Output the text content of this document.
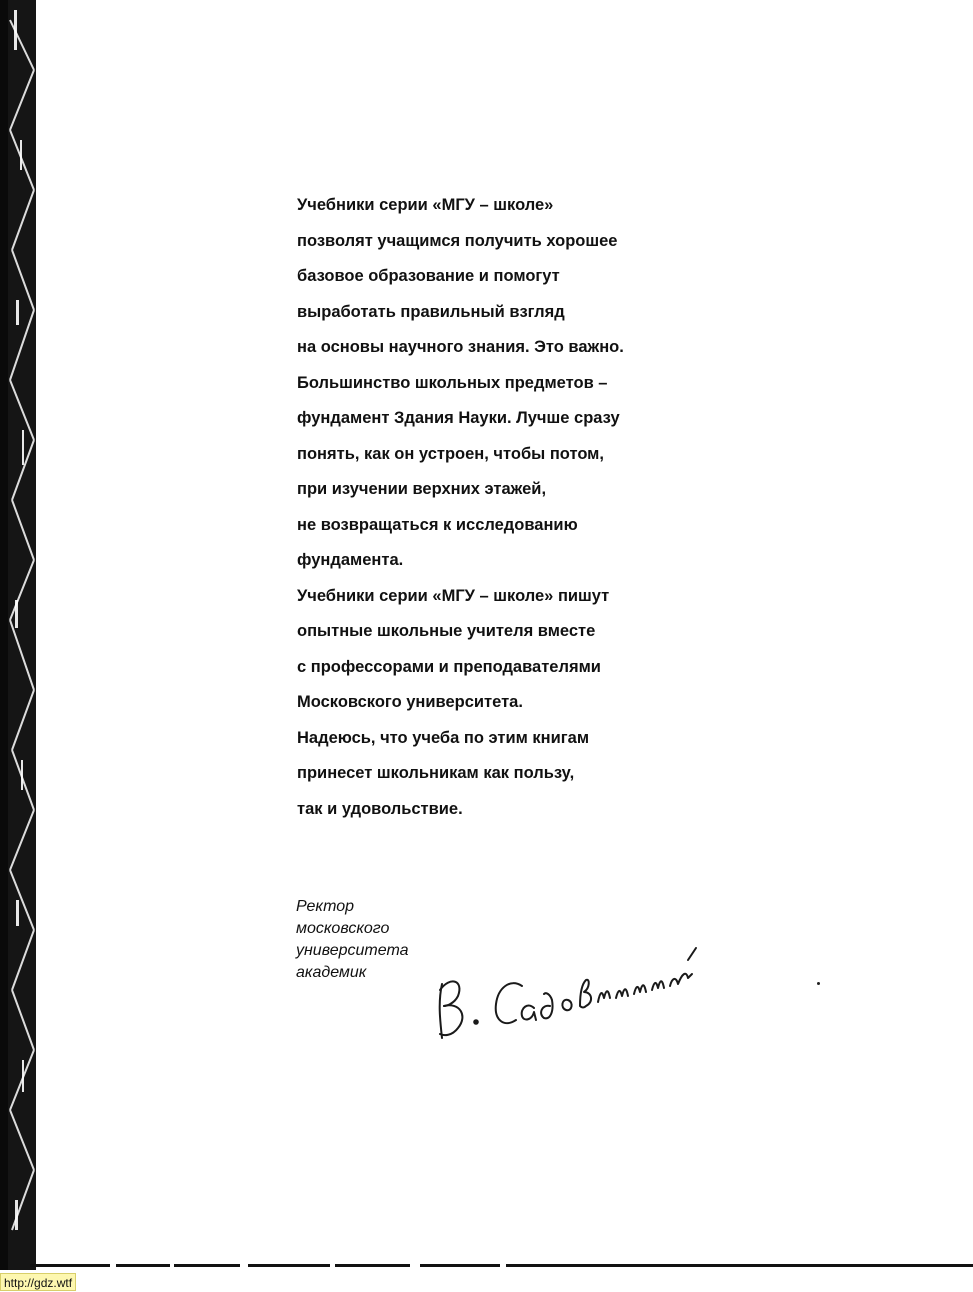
Учебники серии «МГУ – школе»
позволят учащимся получить хорошее
базовое образование и помогут
выработать правильный взгляд
на основы научного знания. Это важно.
Большинство школьных предметов –
фундамент Здания Науки. Лучше сразу
понять, как он устроен, чтобы потом,
при изучении верхних этажей,
не возвращаться к исследованию
фундамента.
Учебники серии «МГУ – школе» пишут
опытные школьные учителя вместе
с профессорами и преподавателями
Московского университета.
Надеюсь, что учеба по этим книгам
принесет школьникам как пользу,
так и удовольствие.
Ректор
московского
университета
академик
http://gdz.wtf
